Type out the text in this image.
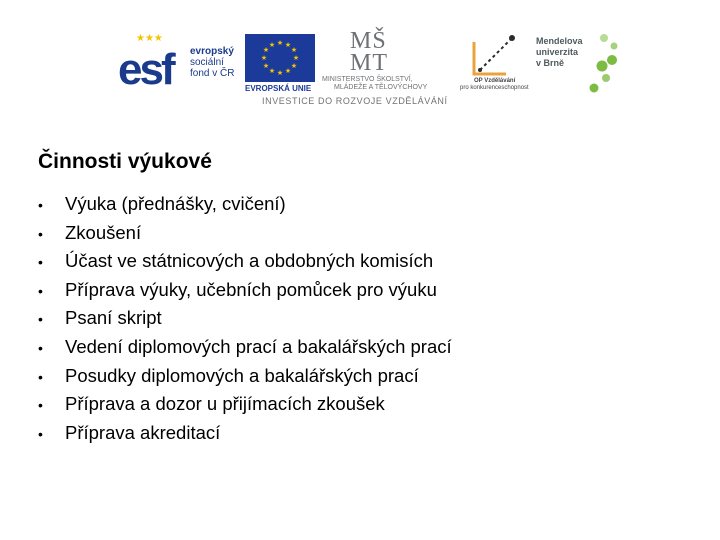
★★★
esf evropský
sociální
fond v ČR
★ ★
★
★
★
★
★
★
★
★
★
★
EVROPSKÁ UNIE
MŠ
MT
MINISTERSTVO ŠKOLSTVÍ,
MLÁDEŽE A TĚLOVÝCHOVY
OP Vzdělávání
pro konkurenceschopnost
Mendelova
univerzita
v Brně
INVESTICE DO ROZVOJE VZDĚLÁVÁNÍ
Činnosti výukové
• Výuka (přednášky, cvičení)
• Zkoušení
• Účast ve státnicových a obdobných komisích
• Příprava výuky, učebních pomůcek pro výuku
• Psaní skript
• Vedení diplomových prací a bakalářských prací
• Posudky diplomových a bakalářských prací
• Příprava a dozor u přijímacích zkoušek
• Příprava akreditací
